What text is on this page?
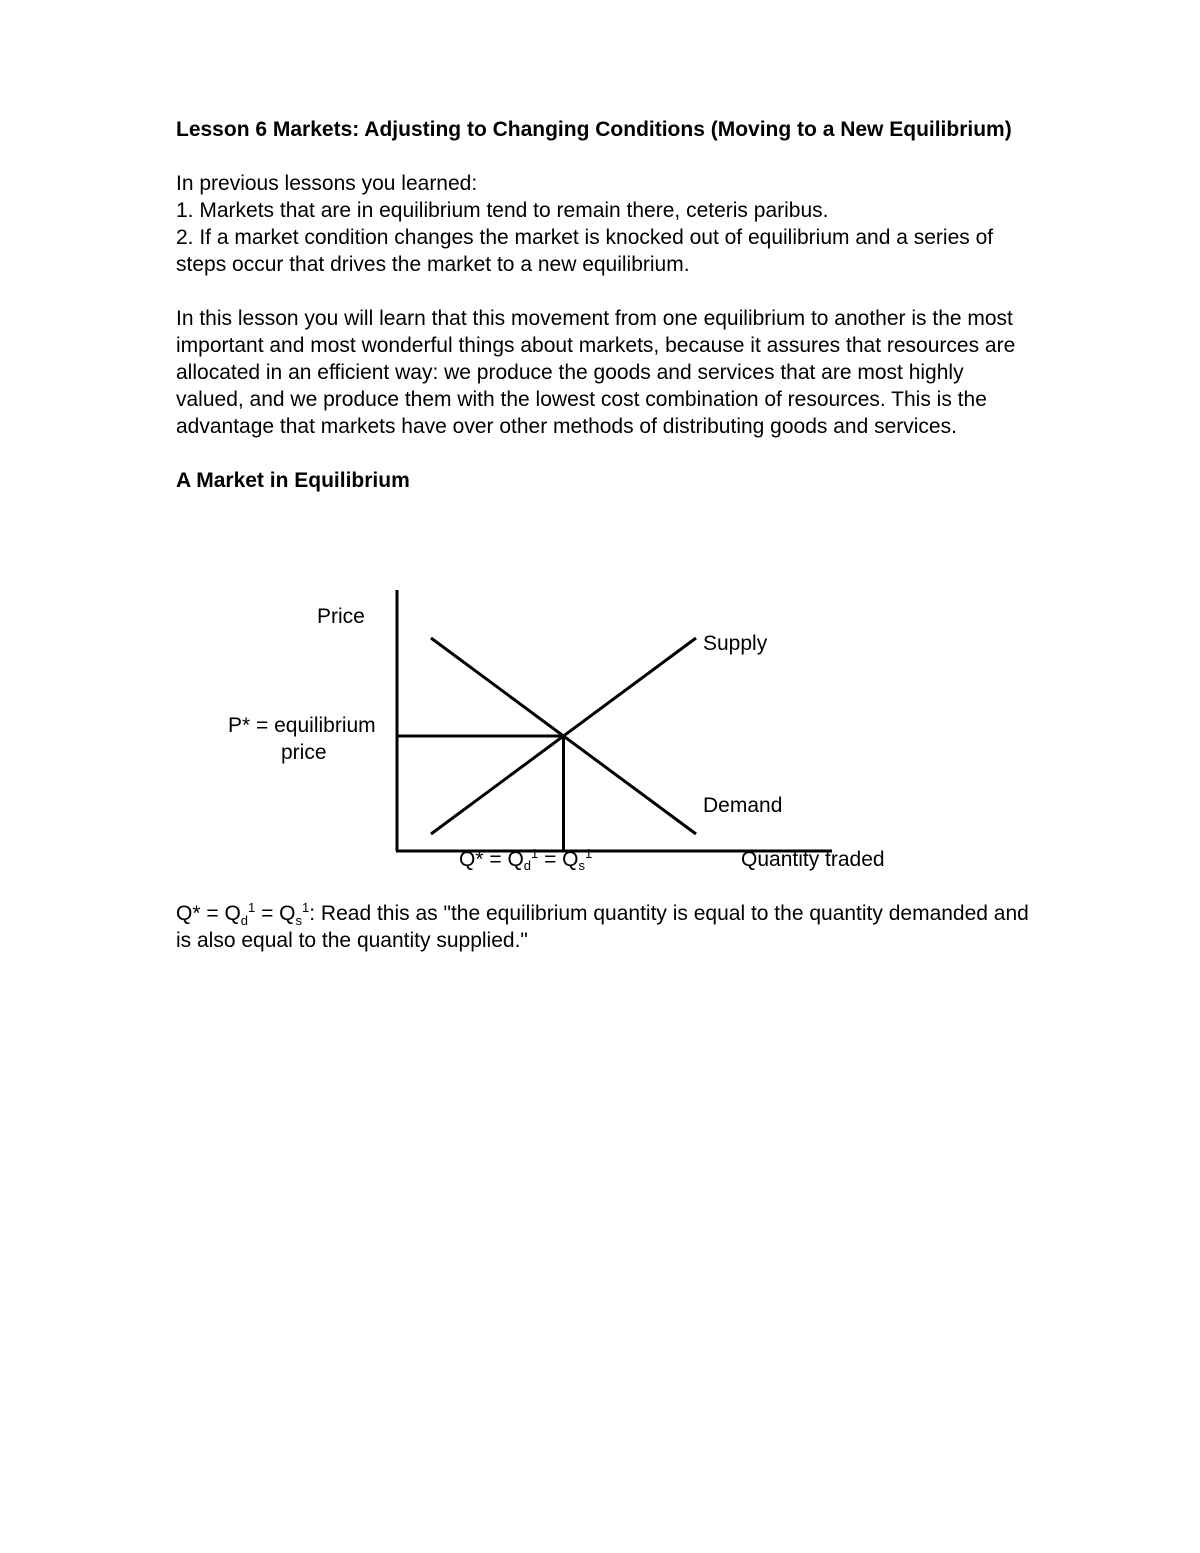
Lesson 6 Markets: Adjusting to Changing Conditions (Moving to a New Equilibrium)

In previous lessons you learned:

1. Markets that are in equilibrium tend to remain there, ceteris paribus.

2. If a market condition changes the market is knocked out of equilibrium and a series of steps occur that drives the market to a new equilibrium.

In this lesson you will learn that this movement from one equilibrium to another is the most important and most wonderful things about markets, because it assures that resources are allocated in an efficient way: we produce the goods and services that are most highly valued, and we produce them with the lowest cost combination of resources. This is the advantage that markets have over other methods of distributing goods and services.

A Market in Equilibrium

Price
Supply
Demand
P* = equilibrium
price
Quantity traded
$Q* = Qd^1 = Qs^1$

$Q* = Q_d^1 = Q_s^1$: Read this as "the equilibrium quantity is equal to the quantity demanded and is also equal to the quantity supplied."
